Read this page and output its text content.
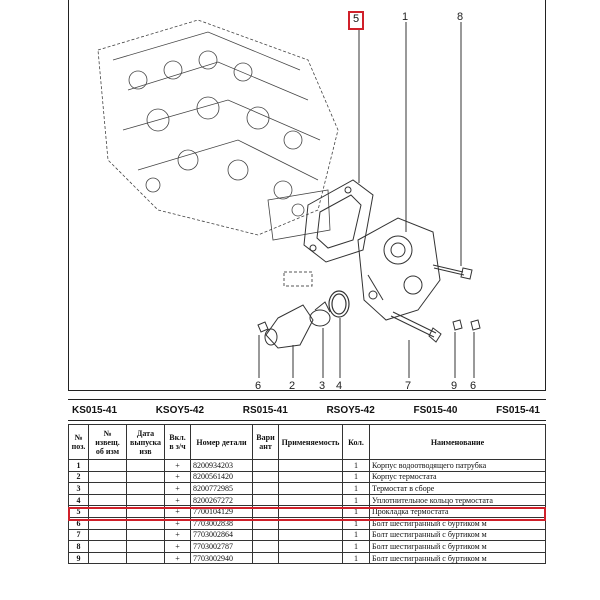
1	8
6	2 3 4	7	9 6
5
KS015-41	KSOY5-42	RS015-41	RSOY5-42	FS015-40	FS015-41
№ поз.	№ извещ. об изм	Дата выпуска изв	Вкл. в з/ч	Номер детали	Вари ант	Применяемость	Кол.	Наименование
1			+	8200934203			1	Корпус водоотводящего патрубка
2			+	8200561420			1	Корпус термостата
3			+	8200772985			1	Термостат в сборе
4			+	8200267272			1	Уплотнительное кольцо термостата
5			+	7700104129			1	Прокладка термостата
6			+	7703002838			1	Болт шестигранный с буртиком м
7			+	7703002864			1	Болт шестигранный с буртиком м
8			+	7703002787			1	Болт шестигранный с буртиком м
9			+	7703002940			1	Болт шестигранный с буртиком м
